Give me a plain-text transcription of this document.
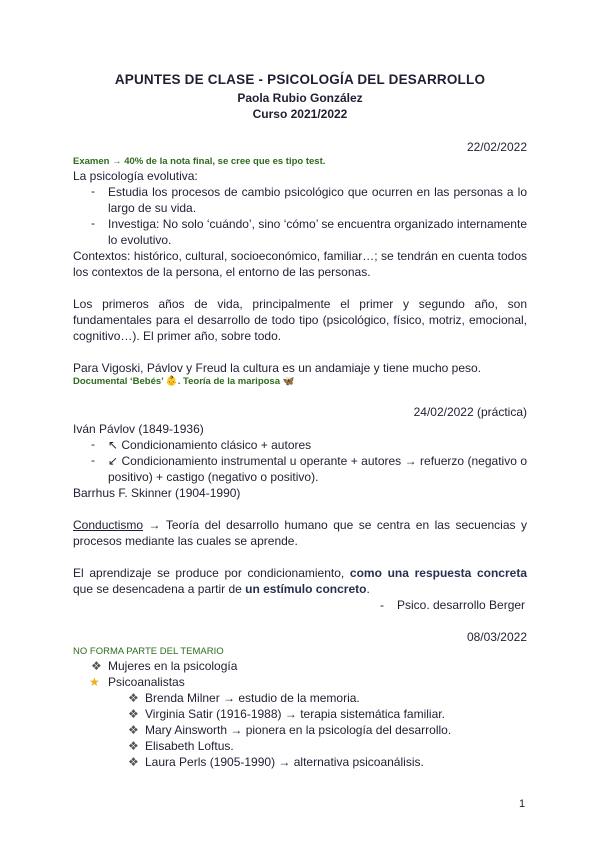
APUNTES DE CLASE - PSICOLOGÍA DEL DESARROLLO
Paola Rubio González
Curso 2021/2022
22/02/2022
Examen → 40% de la nota final, se cree que es tipo test.
La psicología evolutiva:
- Estudia los procesos de cambio psicológico que ocurren en las personas a lo largo de su vida.
- Investiga: No solo ‘cuándo’, sino ‘cómo’ se encuentra organizado internamente lo evolutivo.
Contextos: histórico, cultural, socioeconómico, familiar…; se tendrán en cuenta todos los contextos de la persona, el entorno de las personas.
Los primeros años de vida, principalmente el primer y segundo año, son fundamentales para el desarrollo de todo tipo (psicológico, físico, motriz, emocional, cognitivo…). El primer año, sobre todo.
Para Vigoski, Pávlov y Freud la cultura es un andamiaje y tiene mucho peso.
Documental ‘Bebés’ 👶. Teoría de la mariposa 🦋
24/02/2022 (práctica)
Iván Pávlov (1849-1936)
- ↖ Condicionamiento clásico + autores
- ↙ Condicionamiento instrumental u operante + autores → refuerzo (negativo o positivo) + castigo (negativo o positivo).
Barrhus F. Skinner (1904-1990)
Conductismo → Teoría del desarrollo humano que se centra en las secuencias y procesos mediante las cuales se aprende.
El aprendizaje se produce por condicionamiento, como una respuesta concreta que se desencadena a partir de un estímulo concreto.
- Psico. desarrollo Berger
08/03/2022
NO FORMA PARTE DEL TEMARIO
❖ Mujeres en la psicología
★ Psicoanalistas
❖ Brenda Milner → estudio de la memoria.
❖ Virginia Satir (1916-1988) → terapia sistemática familiar.
❖ Mary Ainsworth → pionera en la psicología del desarrollo.
❖ Elisabeth Loftus.
❖ Laura Perls (1905-1990) → alternativa psicoanálisis.
1
